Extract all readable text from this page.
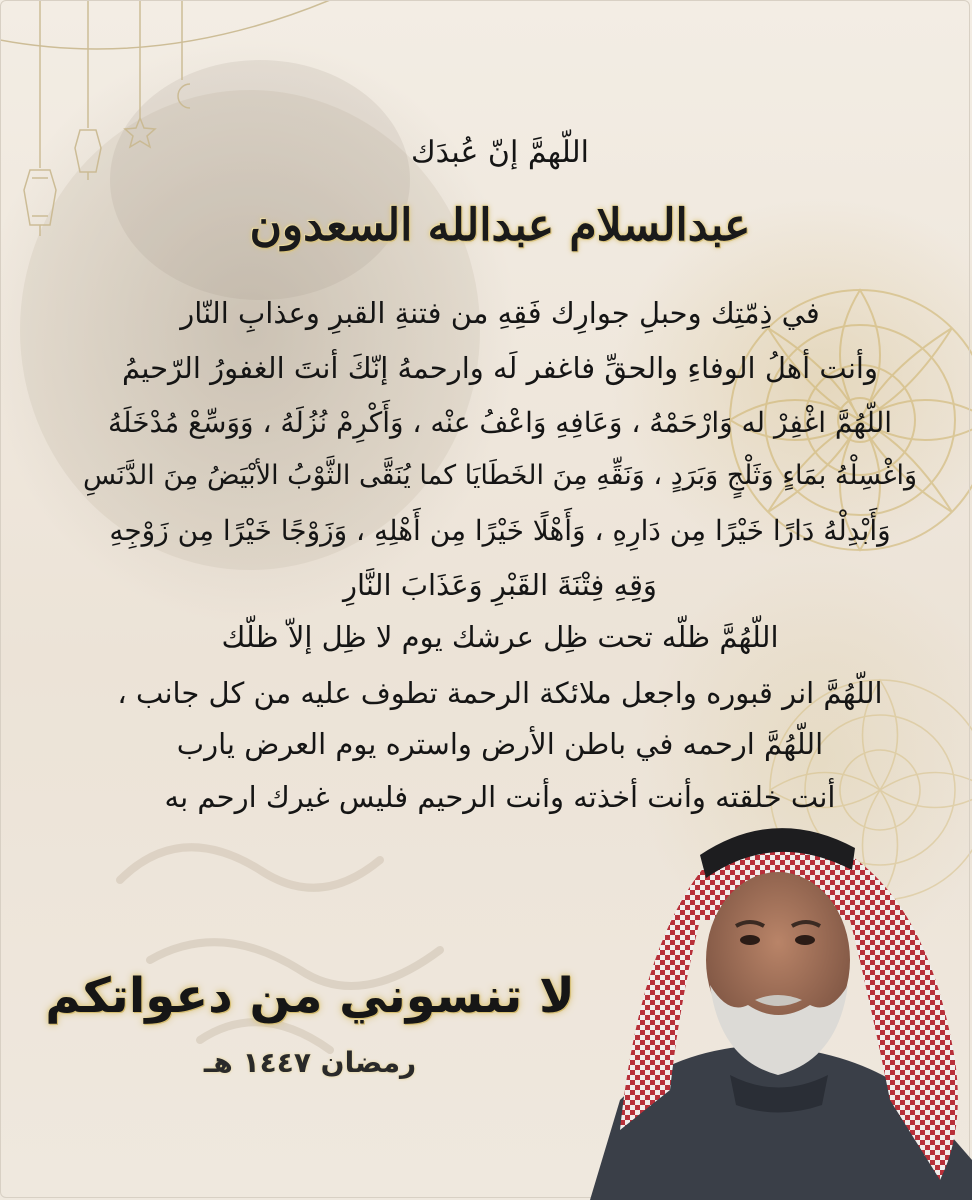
اللّهمَّ إنّ عُبدَك
عبدالسلام عبدالله السعدون
في ذِمّتِك وحبلِ جوارِك فَقِهِ من فتنةِ القبرِ وعذابِ النّار
وأنت أهلُ الوفاءِ والحقِّ فاغفر لَه وارحمهُ إنّكَ أنتَ الغفورُ الرّحيمُ
اللّهُمَّ اغْفِرْ له وَارْحَمْهُ ، وَعَافِهِ وَاعْفُ عنْه ، وَأَكْرِمْ نُزُلَهُ ، وَوَسِّعْ مُدْخَلَهُ
وَاغْسِلْهُ بمَاءٍ وَثَلْجٍ وَبَرَدٍ ، وَنَقِّهِ مِنَ الخَطَايَا كما يُنَقَّى الثَّوْبُ الأبْيَضُ مِنَ الدَّنَسِ
وَأَبْدِلْهُ دَارًا خَيْرًا مِن دَارِهِ ، وَأَهْلًا خَيْرًا مِن أَهْلِهِ ، وَزَوْجًا خَيْرًا مِن زَوْجِهِ
وَقِهِ فِتْنَةَ القَبْرِ وَعَذَابَ النَّارِ
اللّهُمَّ ظلّه تحت ظِل عرشك يوم لا ظِل إلاّ ظلّك
اللّهُمَّ انر قبوره واجعل ملائكة الرحمة تطوف عليه من كل جانب ،
اللّهُمَّ ارحمه في باطن الأرض واستره يوم العرض يارب
أنت خلقته وأنت أخذته وأنت الرحيم فليس غيرك ارحم به
لا تنسوني من دعواتكم
رمضان ١٤٤٧ هـ
